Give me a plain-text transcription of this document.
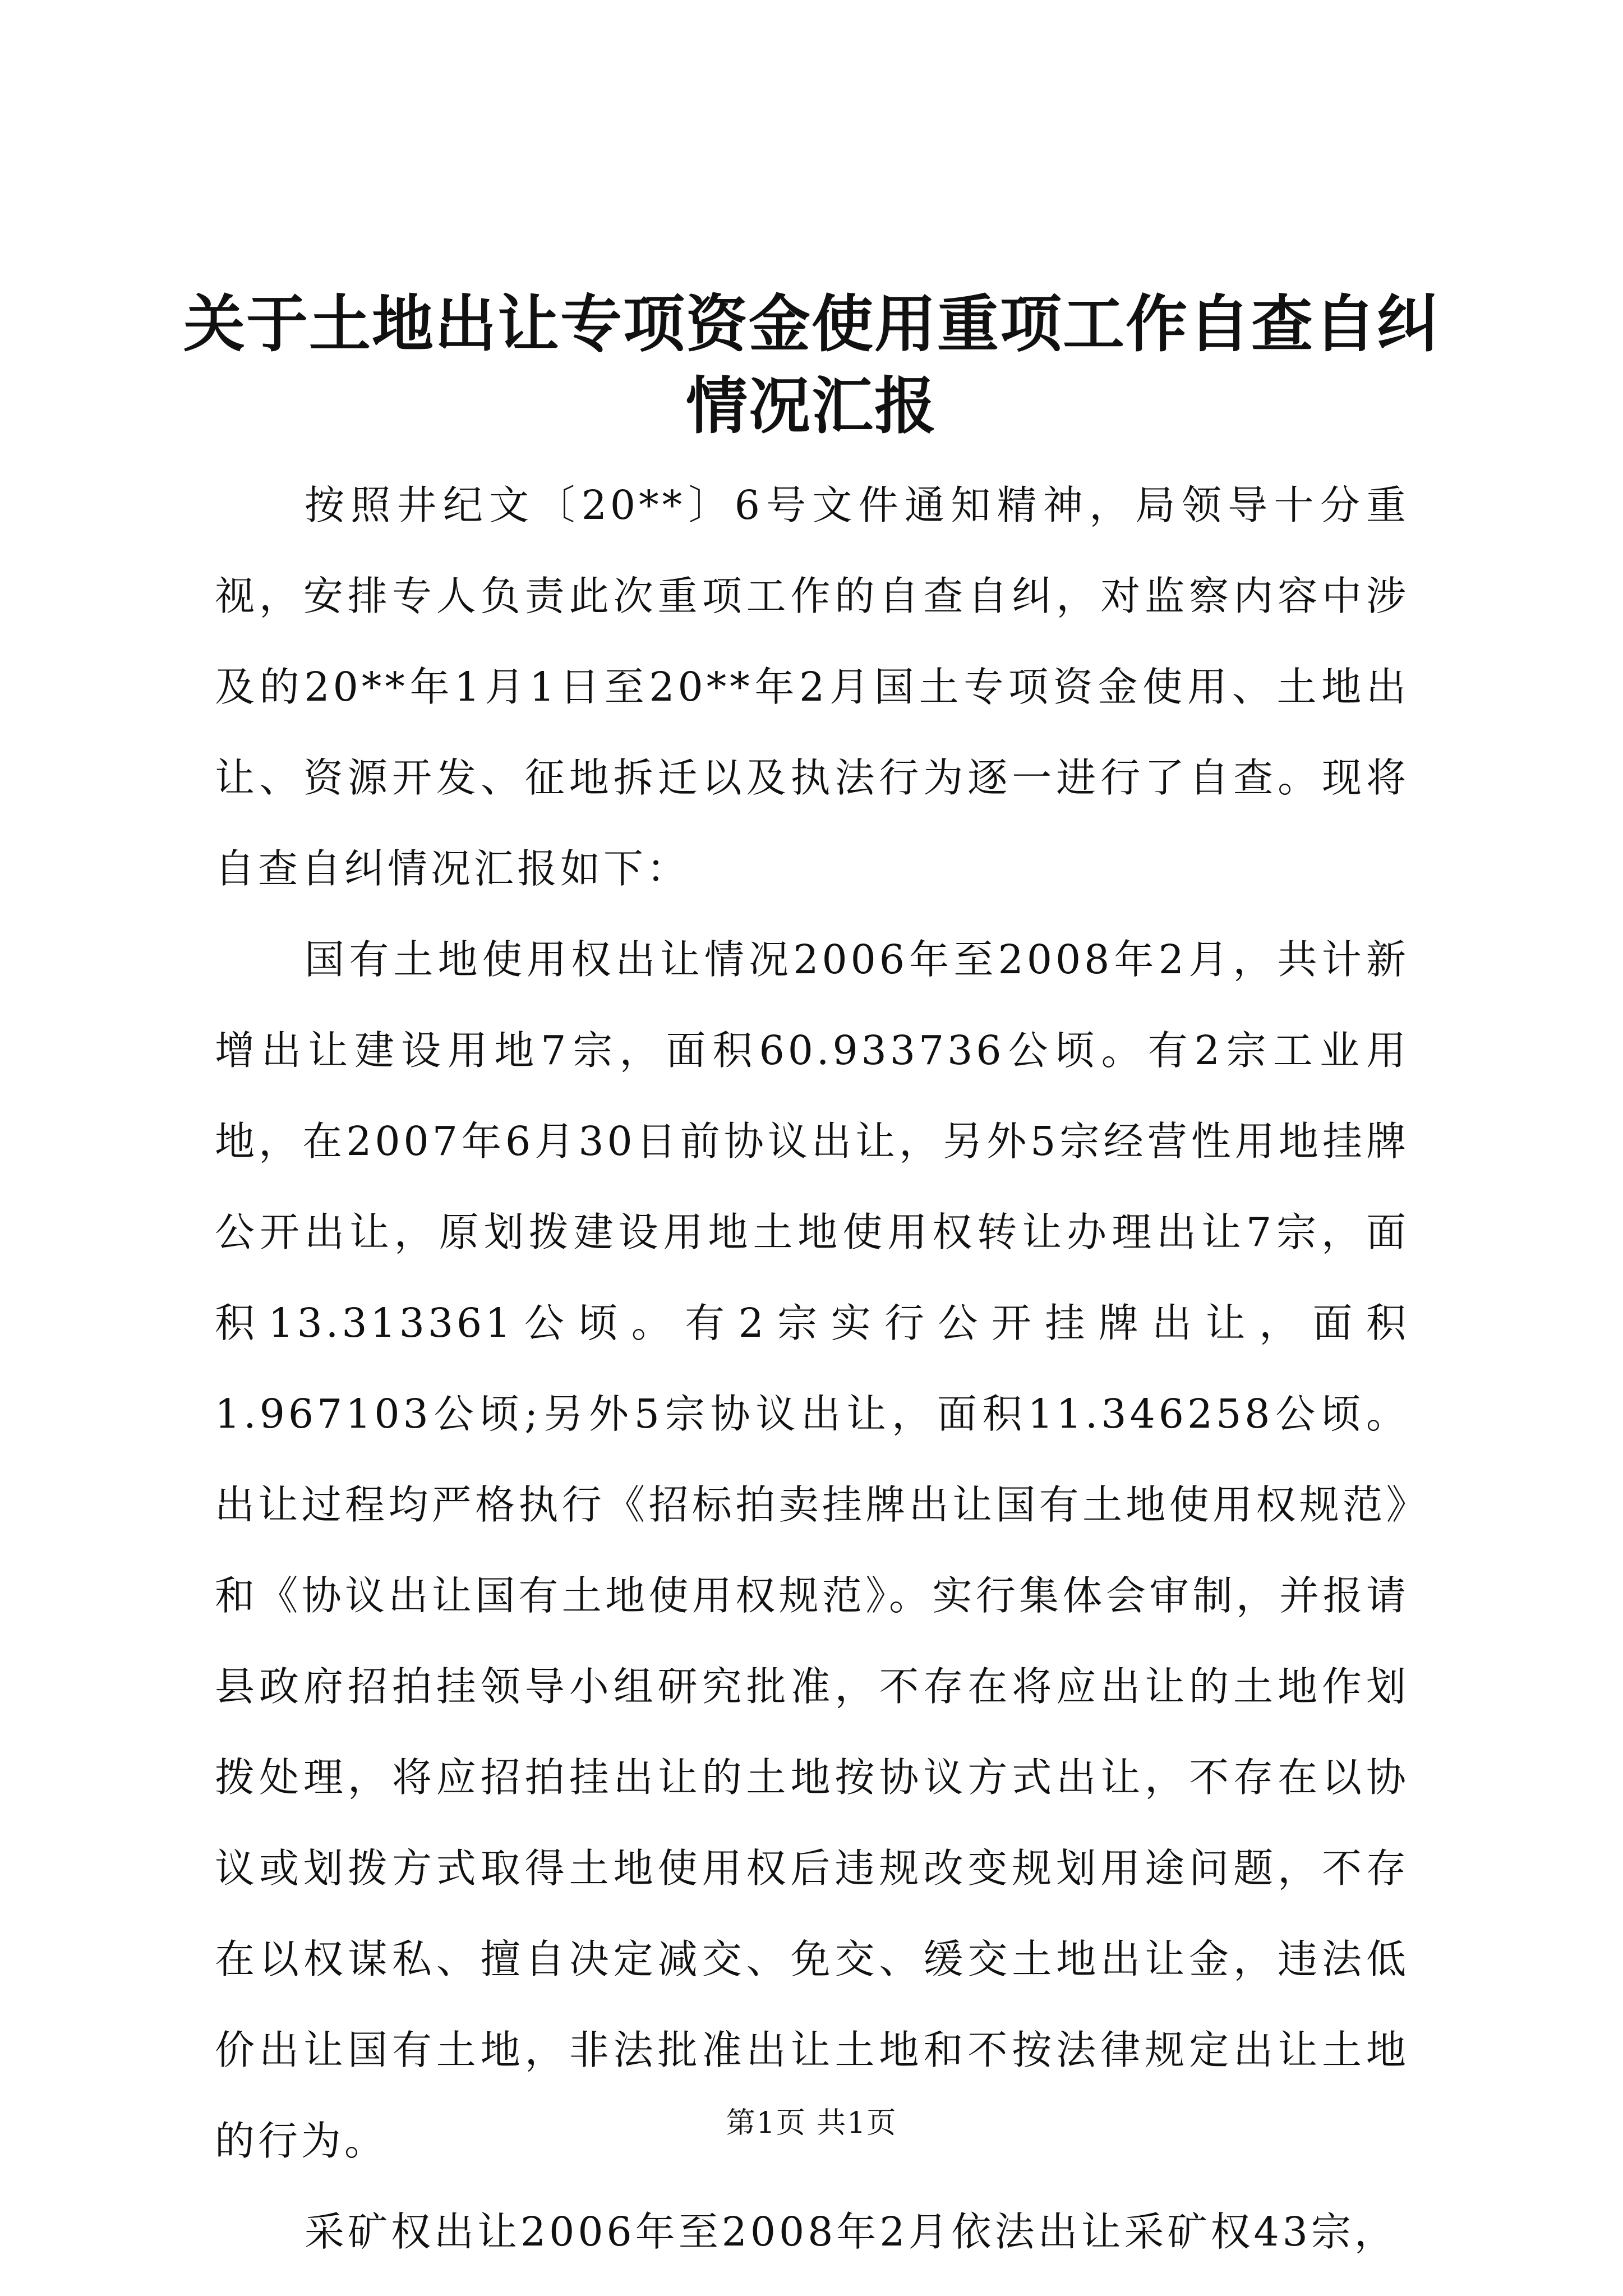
关于土地出让专项资金使用重项工作自查自纠
情况汇报

按照井纪文〔20**〕6号文件通知精神，局领导十分重视，安排专人负责此次重项工作的自查自纠，对监察内容中涉及的20**年1月1日至20**年2月国土专项资金使用、土地出让、资源开发、征地拆迁以及执法行为逐一进行了自查。现将自查自纠情况汇报如下：

国有土地使用权出让情况2006年至2008年2月，共计新增出让建设用地7宗，面积60.933736公顷。有2宗工业用地，在2007年6月30日前协议出让，另外5宗经营性用地挂牌公开出让，原划拨建设用地土地使用权转让办理出让7宗，面积13.313361公顷。有2宗实行公开挂牌出让，面积1.967103公顷;另外5宗协议出让，面积11.346258公顷。出让过程均严格执行《招标拍卖挂牌出让国有土地使用权规范》和《协议出让国有土地使用权规范》。实行集体会审制，并报请县政府招拍挂领导小组研究批准，不存在将应出让的土地作划拨处理，将应招拍挂出让的土地按协议方式出让，不存在以协议或划拨方式取得土地使用权后违规改变规划用途问题，不存在以权谋私、擅自决定减交、免交、缓交土地出让金，违法低价出让国有土地，非法批准出让土地和不按法律规定出让土地的行为。

采矿权出让2006年至2008年2月依法出让采矿权43宗，

第1页 共1页
